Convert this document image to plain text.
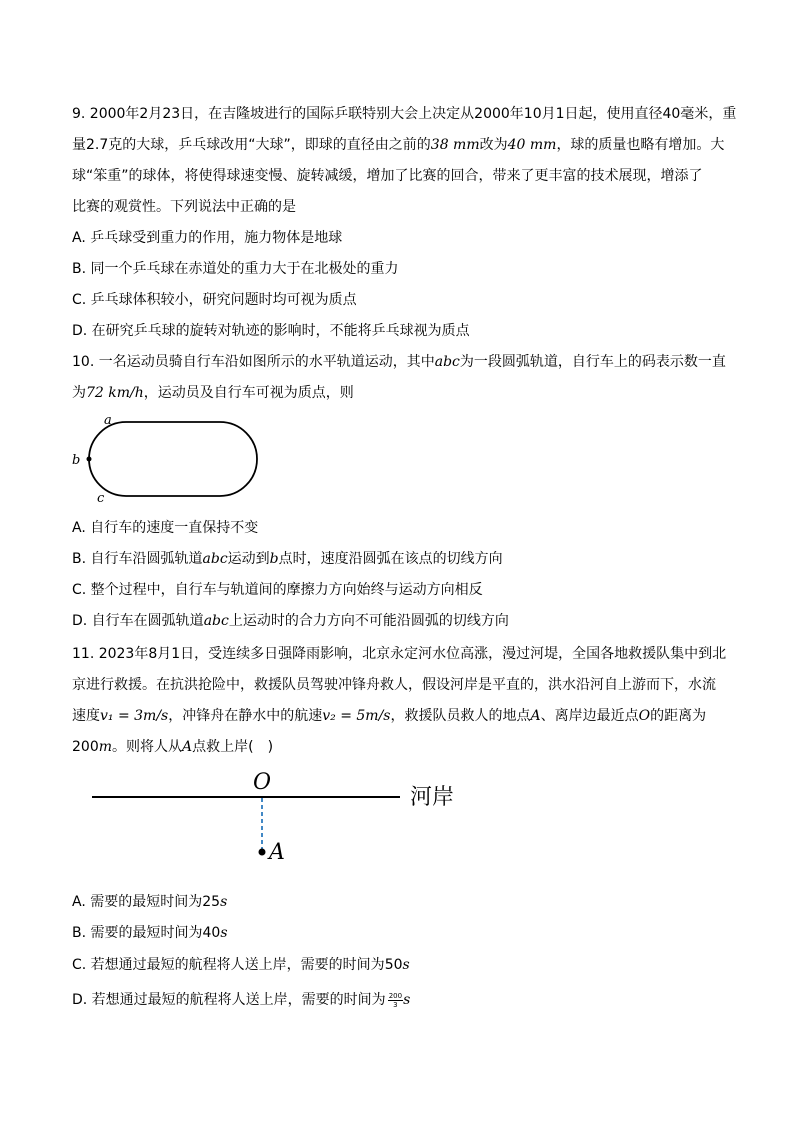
9. 2000年2月23日，在吉隆坡进行的国际乒联特别大会上决定从2000年10月1日起，使用直径40毫米，重
量2.7克的大球，乒乓球改用“大球”，即球的直径由之前的38 mm改为40 mm，球的质量也略有增加。大
球“笨重”的球体，将使得球速变慢、旋转减缓，增加了比赛的回合，带来了更丰富的技术展现，增添了
比赛的观赏性。下列说法中正确的是
A. 乒乓球受到重力的作用，施力物体是地球
B. 同一个乒乓球在赤道处的重力大于在北极处的重力
C. 乒乓球体积较小，研究问题时均可视为质点
D. 在研究乒乓球的旋转对轨迹的影响时，不能将乒乓球视为质点
10. 一名运动员骑自行车沿如图所示的水平轨道运动，其中abc为一段圆弧轨道，自行车上的码表示数一直
为72 km/h，运动员及自行车可视为质点，则
a
b
c
A. 自行车的速度一直保持不变
B. 自行车沿圆弧轨道abc运动到b点时，速度沿圆弧在该点的切线方向
C. 整个过程中，自行车与轨道间的摩擦力方向始终与运动方向相反
D. 自行车在圆弧轨道abc上运动时的合力方向不可能沿圆弧的切线方向
11. 2023年8月1日，受连续多日强降雨影响，北京永定河水位高涨，漫过河堤，全国各地救援队集中到北
京进行救援。在抗洪抢险中，救援队员驾驶冲锋舟救人，假设河岸是平直的，洪水沿河自上游而下，水流
速度v₁ = 3m/s，冲锋舟在静水中的航速v₂ = 5m/s，救援队员救人的地点A、离岸边最近点O的距离为
200m。则将人从A点救上岸(　)
O
A
河岸
A. 需要的最短时间为25s
B. 需要的最短时间为40s
C. 若想通过最短的航程将人送上岸，需要的时间为50s
D. 若想通过最短的航程将人送上岸，需要的时间为 $\frac{200}{3}$ s
